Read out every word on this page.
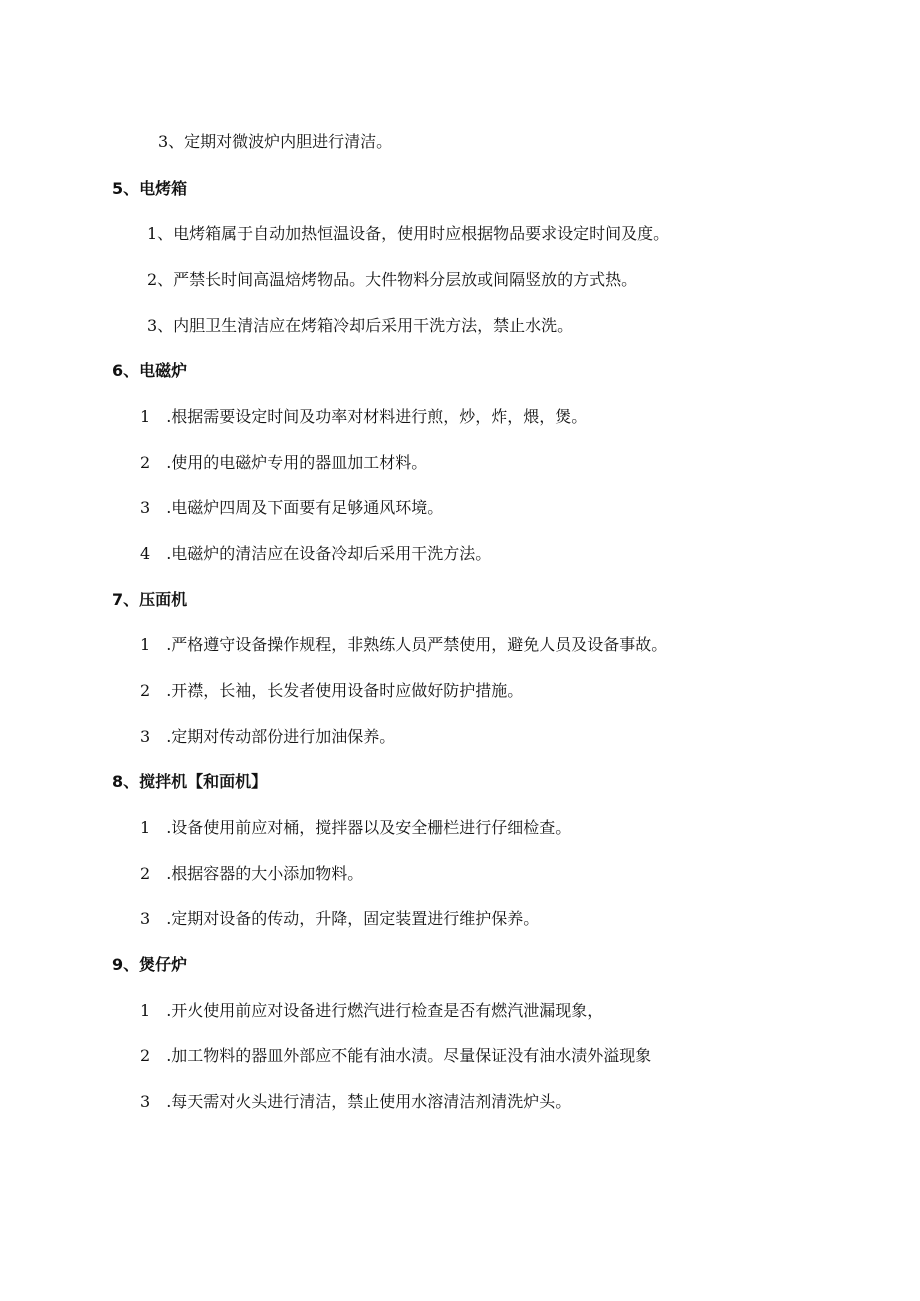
3、定期对微波炉内胆进行清洁。
5、电烤箱
1、电烤箱属于自动加热恒温设备，使用时应根据物品要求设定时间及度。
2、严禁长时间高温焙烤物品。大件物料分层放或间隔竖放的方式热。
3、内胆卫生清洁应在烤箱冷却后采用干洗方法，禁止水洗。
6、电磁炉
1 .根据需要设定时间及功率对材料进行煎，炒，炸，煨，煲。
2 .使用的电磁炉专用的器皿加工材料。
3 .电磁炉四周及下面要有足够通风环境。
4 .电磁炉的清洁应在设备冷却后采用干洗方法。
7、压面机
1 .严格遵守设备操作规程，非熟练人员严禁使用，避免人员及设备事故。
2 .开襟，长袖，长发者使用设备时应做好防护措施。
3 .定期对传动部份进行加油保养。
8、搅拌机【和面机】
1 .设备使用前应对桶，搅拌器以及安全栅栏进行仔细检查。
2 .根据容器的大小添加物料。
3 .定期对设备的传动，升降，固定装置进行维护保养。
9、煲仔炉
1 .开火使用前应对设备进行燃汽进行检查是否有燃汽泄漏现象，
2 .加工物料的器皿外部应不能有油水渍。尽量保证没有油水渍外溢现象
3 .每天需对火头进行清洁，禁止使用水溶清洁剂清洗炉头。
